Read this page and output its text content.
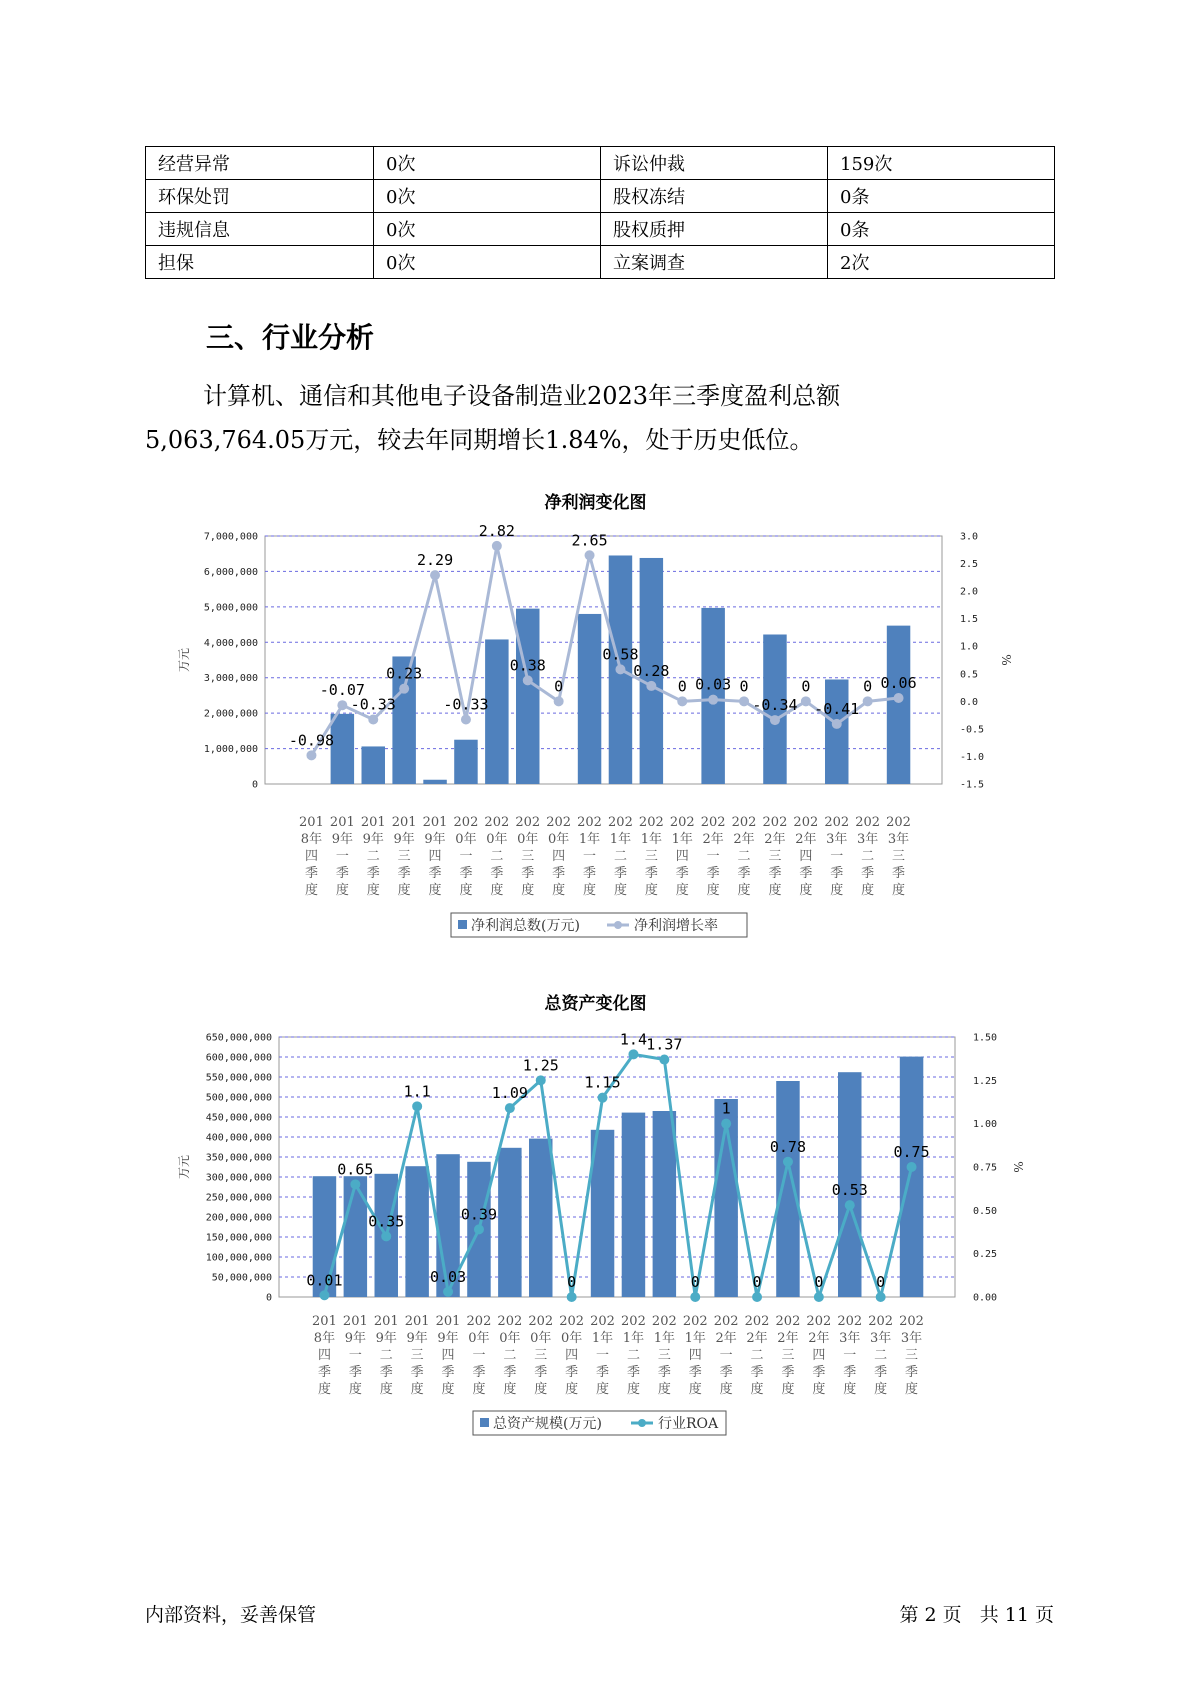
经营异常	0次	诉讼仲裁	159次
环保处罚	0次	股权冻结	0条
违规信息	0次	股权质押	0条
担保	0次	立案调查	2次
三、行业分析
计算机、通信和其他电子设备制造业2023年三季度盈利总额
5,063,764.05万元，较去年同期增长1.84%，处于历史低位。
净利润变化图
0
1,000,000
2,000,000
3,000,000
4,000,000
5,000,000
6,000,000
7,000,000
-1.5
-1.0
-0.5
0.0
0.5
1.0
1.5
2.0
2.5
3.0
万元	%
-0.98
-0.07
-0.33
0.23
2.29
-0.33
2.82
0.38
0
2.65
0.58
0.28
0 0.03 0
-0.34
0
-0.41
0 0.06
201 8年四季度
201 9年一季度
201 9年二季度
201 9年三季度
201 9年四季度
202 0年一季度
202 0年二季度
202 0年三季度
202 0年四季度
202 1年一季度
202 1年二季度
202 1年三季度
202 1年四季度
202 2年一季度
202 2年二季度
202 2年三季度
202 2年四季度
202 3年一季度
202 3年二季度
202 3年三季度
净利润总数(万元)	净利润增长率
总资产变化图
0
50,000,000
100,000,000
150,000,000
200,000,000
250,000,000
300,000,000
350,000,000
400,000,000
450,000,000
500,000,000
550,000,000
600,000,000
650,000,000
0.00
0.25
0.50
0.75
1.00
1.25
1.50
万元	%
0.01
0.65
0.35
1.1
0.03
0.39
1.09
1.25
0
1.15
1.4 1.37
0
1
0
0.78
0
0.53
0
0.75
201 8年四季度
201 9年一季度
201 9年二季度
201 9年三季度
201 9年四季度
202 0年一季度
202 0年二季度
202 0年三季度
202 0年四季度
202 1年一季度
202 1年二季度
202 1年三季度
202 1年四季度
202 2年一季度
202 2年二季度
202 2年三季度
202 2年四季度
202 3年一季度
202 3年二季度
202 3年三季度
总资产规模(万元)	行业ROA
内部资料，妥善保管	第 2 页   共 11 页
